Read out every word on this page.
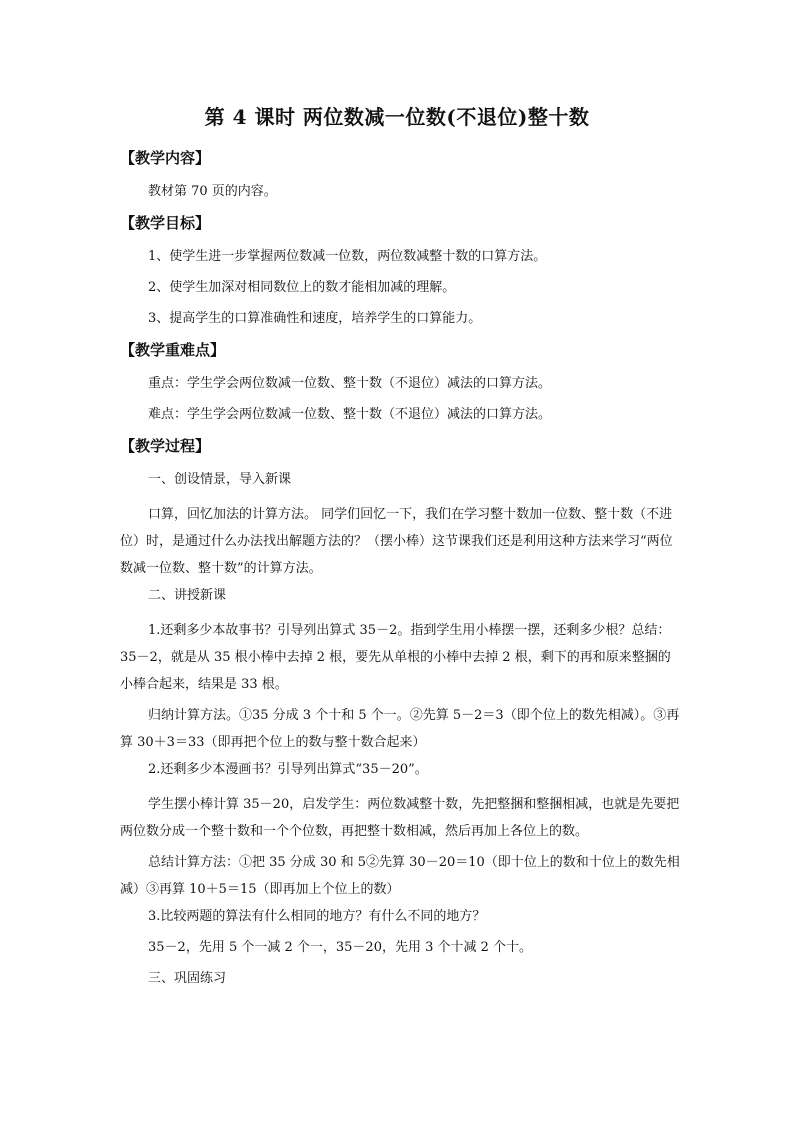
第 4 课时 两位数减一位数(不退位)整十数
【教学内容】
教材第 70 页的内容。
【教学目标】
1、使学生进一步掌握两位数减一位数，两位数减整十数的口算方法。
2、使学生加深对相同数位上的数才能相加减的理解。
3、提高学生的口算准确性和速度，培养学生的口算能力。
【教学重难点】
重点：学生学会两位数减一位数、整十数（不退位）减法的口算方法。
难点：学生学会两位数减一位数、整十数（不退位）减法的口算方法。
【教学过程】
一、创设情景，导入新课
口算，回忆加法的计算方法。 同学们回忆一下，我们在学习整十数加一位数、整十数（不进位）时，是通过什么办法找出解题方法的？（摆小棒）这节课我们还是利用这种方法来学习“两位数减一位数、整十数”的计算方法。
二、讲授新课
1.还剩多少本故事书？引导列出算式 35－2。指到学生用小棒摆一摆，还剩多少根？总结：35－2，就是从 35 根小棒中去掉 2 根，要先从单根的小棒中去掉 2 根，剩下的再和原来整捆的小棒合起来，结果是 33 根。
归纳计算方法。①35 分成 3 个十和 5 个一。②先算 5－2＝3（即个位上的数先相减）。③再算 30＋3＝33（即再把个位上的数与整十数合起来）
2.还剩多少本漫画书？引导列出算式“35－20”。
学生摆小棒计算 35－20，启发学生：两位数减整十数，先把整捆和整捆相减，也就是先要把两位数分成一个整十数和一个个位数，再把整十数相减，然后再加上各位上的数。
总结计算方法：①把 35 分成 30 和 5②先算 30－20＝10（即十位上的数和十位上的数先相减）③再算 10＋5＝15（即再加上个位上的数）
3.比较两题的算法有什么相同的地方？有什么不同的地方？
35－2，先用 5 个一减 2 个一，35－20，先用 3 个十减 2 个十。
三、巩固练习
